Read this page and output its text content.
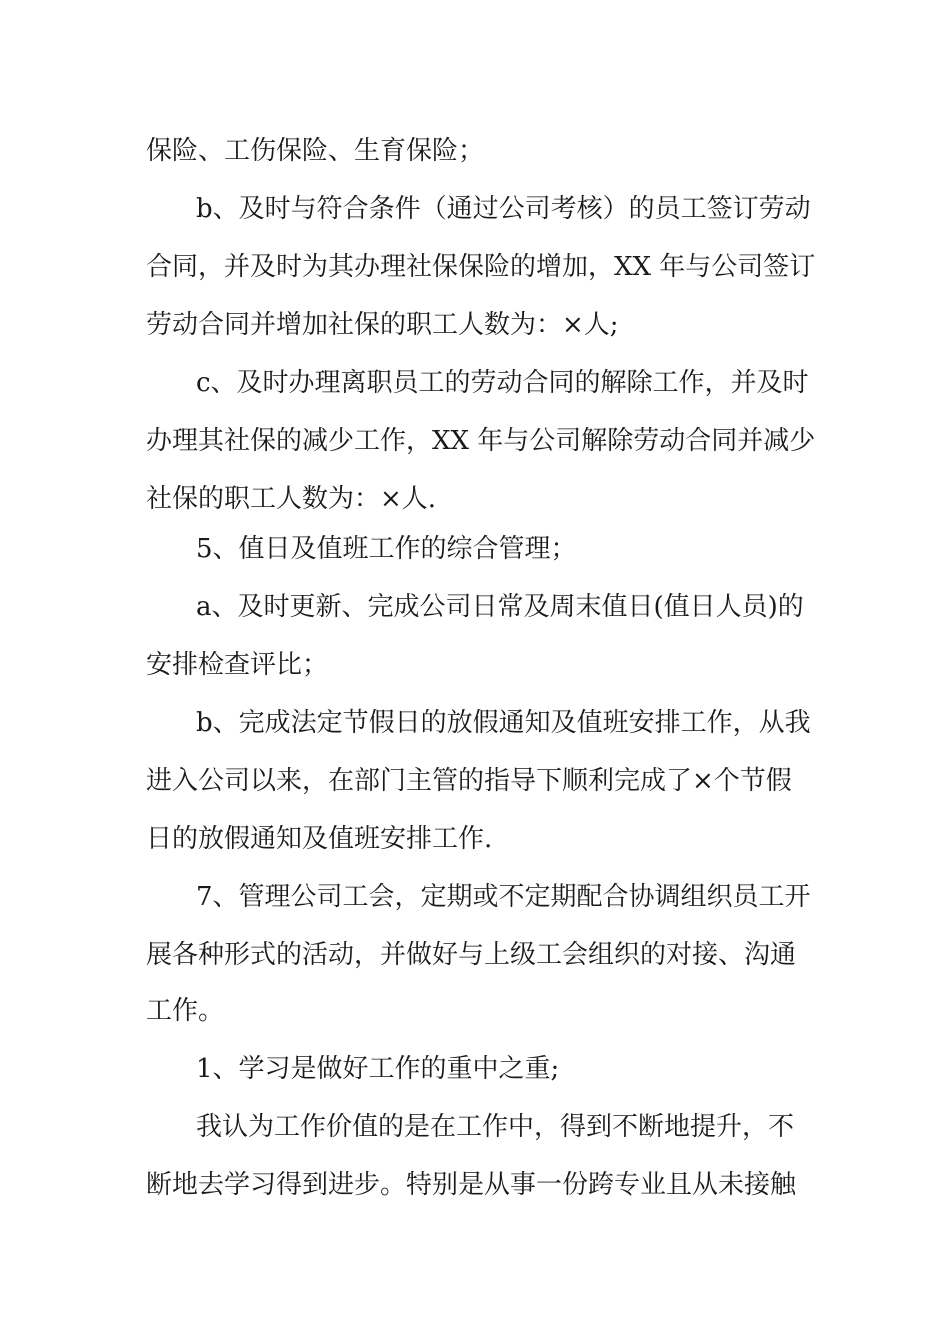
保险、工伤保险、生育保险；
b、及时与符合条件（通过公司考核）的员工签订劳动
合同，并及时为其办理社保保险的增加，XX 年与公司签订
劳动合同并增加社保的职工人数为：×人;
c、及时办理离职员工的劳动合同的解除工作，并及时
办理其社保的减少工作，XX 年与公司解除劳动合同并减少
社保的职工人数为：×人.
5、值日及值班工作的综合管理；
a、及时更新、完成公司日常及周末值日(值日人员)的
安排检查评比；
b、完成法定节假日的放假通知及值班安排工作，从我
进入公司以来，在部门主管的指导下顺利完成了×个节假
日的放假通知及值班安排工作.
7、管理公司工会，定期或不定期配合协调组织员工开
展各种形式的活动，并做好与上级工会组织的对接、沟通
工作。
1、学习是做好工作的重中之重;
我认为工作价值的是在工作中，得到不断地提升，不
断地去学习得到进步。特别是从事一份跨专业且从未接触
